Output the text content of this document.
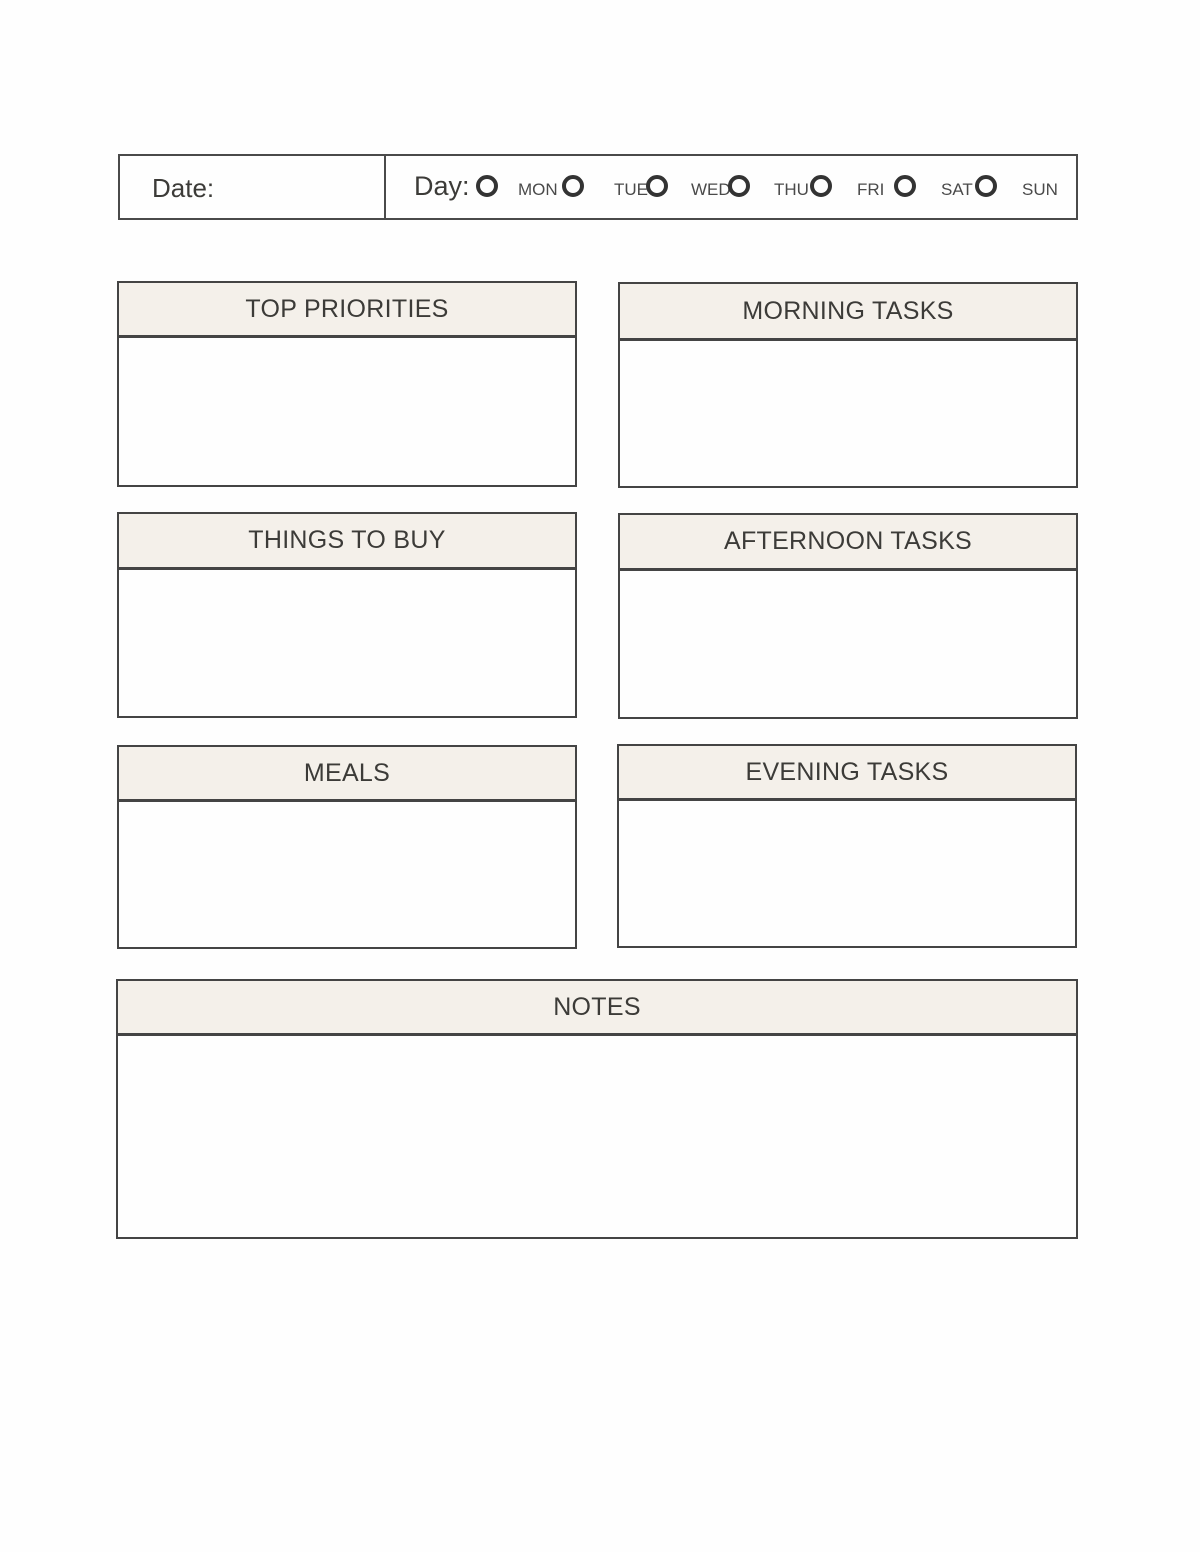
Date:	Day:	MON	TUE	WED	THU	FRI	SAT	SUN
TOP PRIORITIES	MORNING TASKS
THINGS TO BUY	AFTERNOON TASKS
MEALS	EVENING TASKS
NOTES
